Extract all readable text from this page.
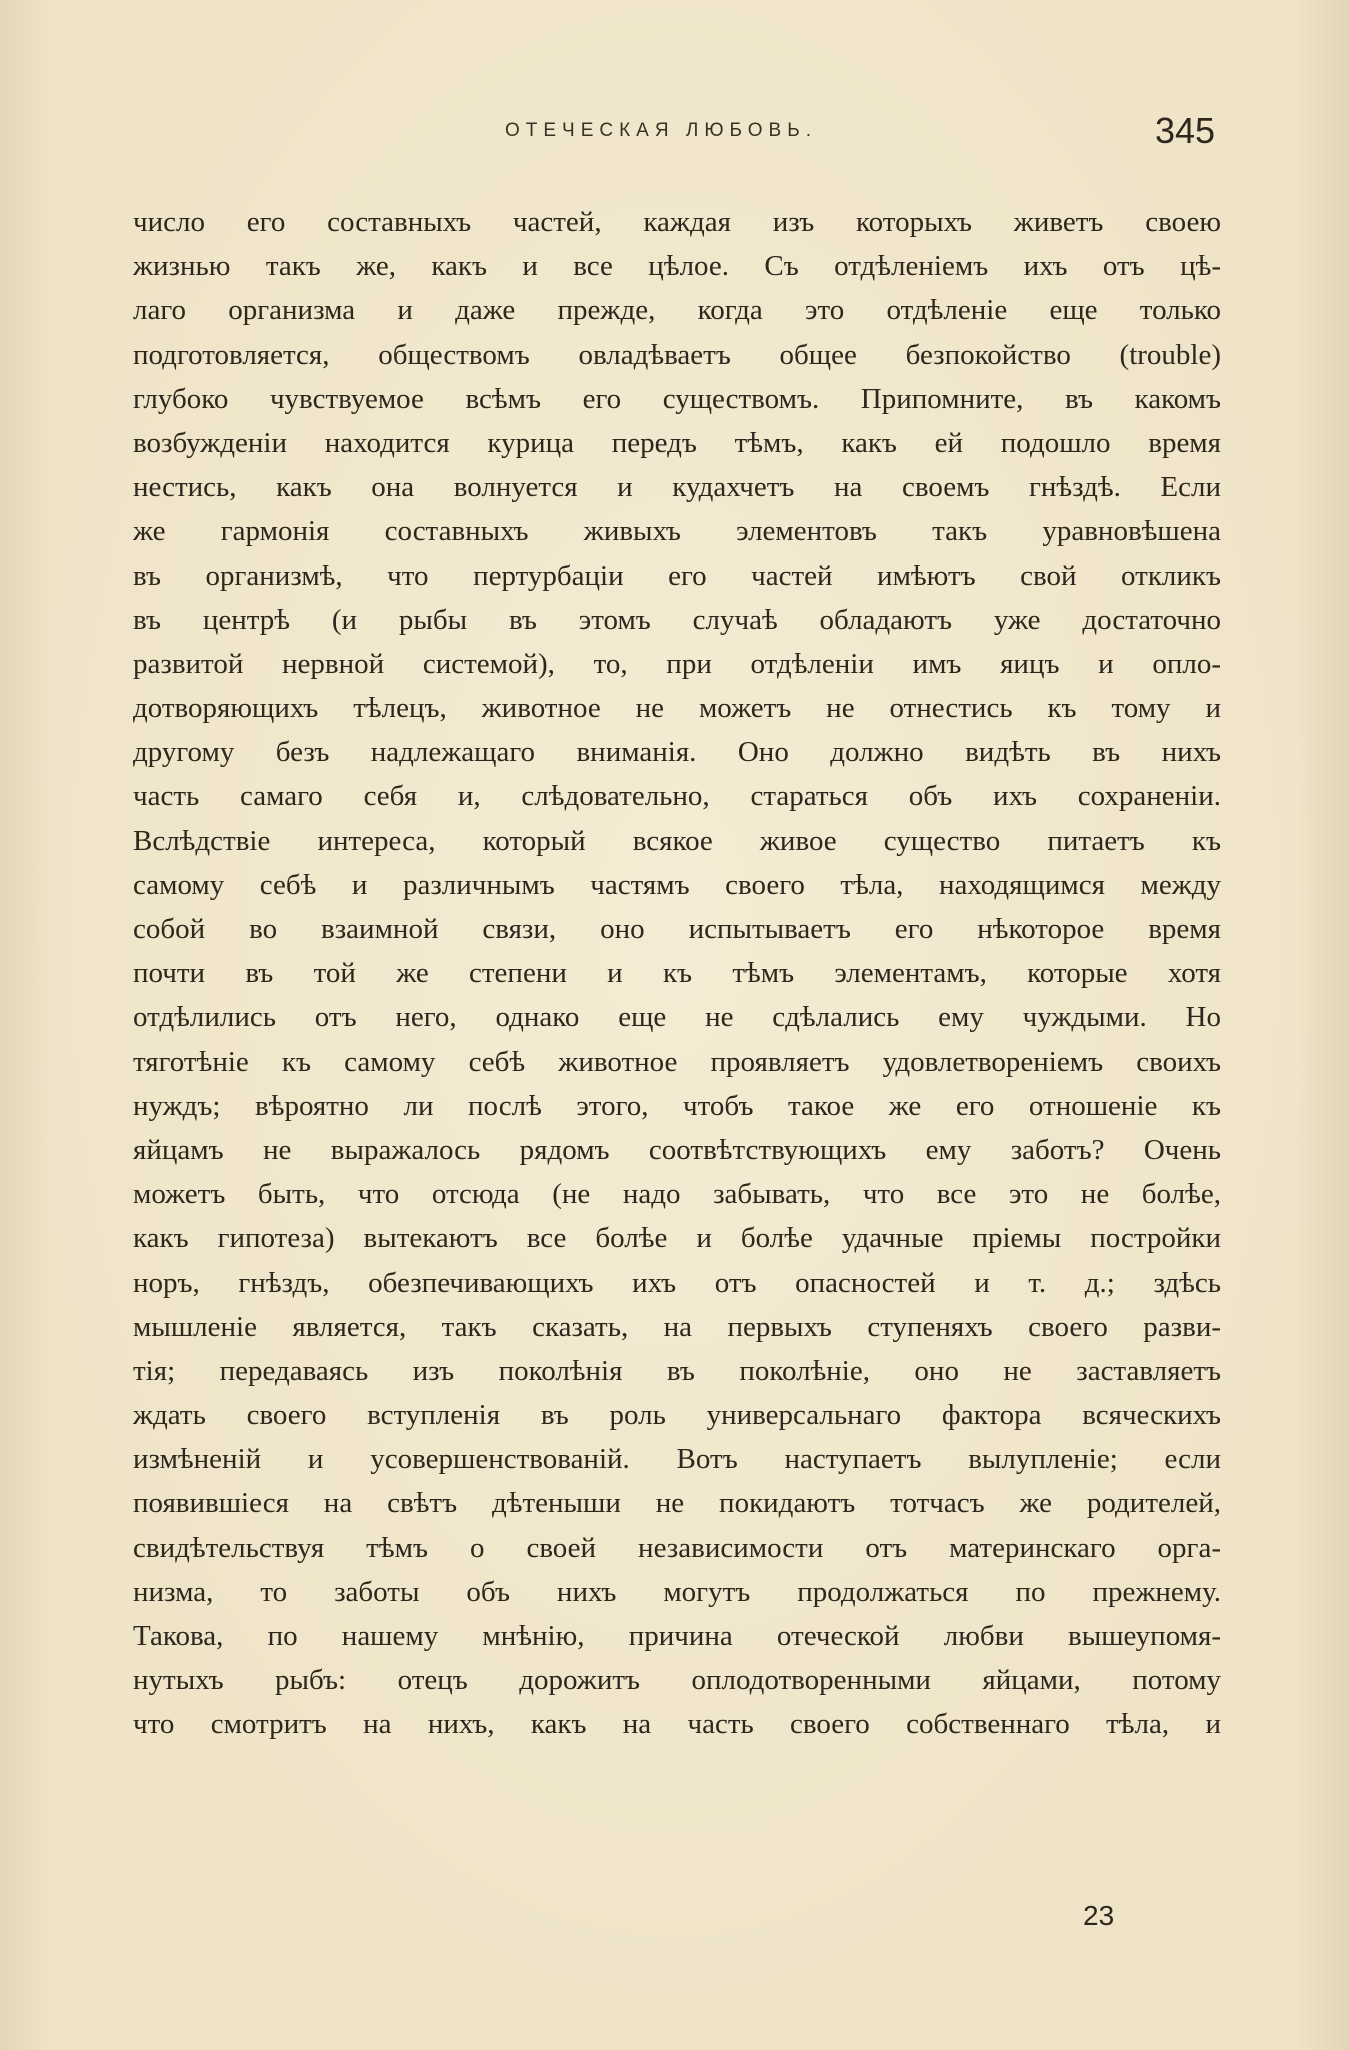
ОТЕЧЕСКАЯ ЛЮБОВЬ.	345
число его составныхъ частей, каждая изъ которыхъ живетъ своею
жизнью такъ же, какъ и все цѣлое. Съ отдѣленіемъ ихъ отъ цѣ-
лаго организма и даже прежде, когда это отдѣленіе еще только
подготовляется, обществомъ овладѣваетъ общее безпокойство (trouble)
глубоко чувствуемое всѣмъ его существомъ. Припомните, въ какомъ
возбужденіи находится курица передъ тѣмъ, какъ ей подошло время
нестись, какъ она волнуется и кудахчетъ на своемъ гнѣздѣ. Если
же гармонія составныхъ живыхъ элементовъ такъ уравновѣшена
въ организмѣ, что пертурбаціи его частей имѣютъ свой откликъ
въ центрѣ (и рыбы въ этомъ случаѣ обладаютъ уже достаточно
развитой нервной системой), то, при отдѣленіи имъ яицъ и опло-
дотворяющихъ тѣлецъ, животное не можетъ не отнестись къ тому и
другому безъ надлежащаго вниманія. Оно должно видѣть въ нихъ
часть самаго себя и, слѣдовательно, стараться объ ихъ сохраненіи.
Вслѣдствіе интереса, который всякое живое существо питаетъ къ
самому себѣ и различнымъ частямъ своего тѣла, находящимся между
собой во взаимной связи, оно испытываетъ его нѣкоторое время
почти въ той же степени и къ тѣмъ элементамъ, которые хотя
отдѣлились отъ него, однако еще не сдѣлались ему чуждыми. Но
тяготѣніе къ самому себѣ животное проявляетъ удовлетвореніемъ своихъ
нуждъ; вѣроятно ли послѣ этого, чтобъ такое же его отношеніе къ
яйцамъ не выражалось рядомъ соотвѣтствующихъ ему заботъ? Очень
можетъ быть, что отсюда (не надо забывать, что все это не болѣе,
какъ гипотеза) вытекаютъ все болѣе и болѣе удачные пріемы постройки
норъ, гнѣздъ, обезпечивающихъ ихъ отъ опасностей и т. д.; здѣсь
мышленіе является, такъ сказать, на первыхъ ступеняхъ своего разви-
тія; передаваясь изъ поколѣнія въ поколѣніе, оно не заставляетъ
ждать своего вступленія въ роль универсальнаго фактора всяческихъ
измѣненій и усовершенствованій. Вотъ наступаетъ вылупленіе; если
появившіеся на свѣтъ дѣтеныши не покидаютъ тотчасъ же родителей,
свидѣтельствуя тѣмъ о своей независимости отъ материнскаго орга-
низма, то заботы объ нихъ могутъ продолжаться по прежнему.
Такова, по нашему мнѣнію, причина отеческой любви вышеупомя-
нутыхъ рыбъ: отецъ дорожитъ оплодотворенными яйцами, потому
что смотритъ на нихъ, какъ на часть своего собственнаго тѣла, и
23
